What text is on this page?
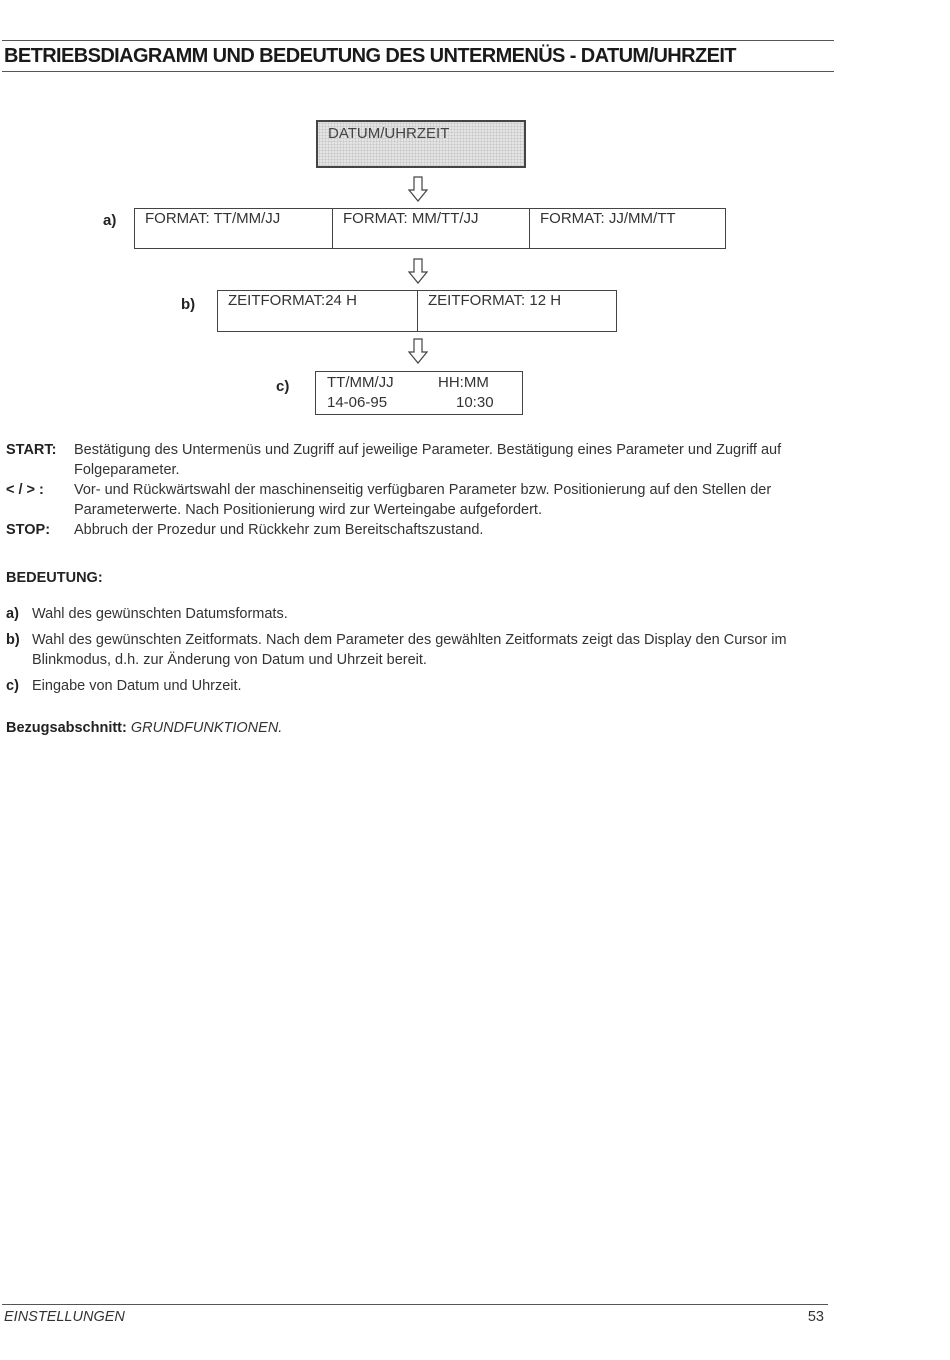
BETRIEBSDIAGRAMM UND BEDEUTUNG DES UNTERMENÜS - DATUM/UHRZEIT
DATUM/UHRZEIT
a)	FORMAT: TT/MM/JJ	FORMAT: MM/TT/JJ	FORMAT: JJ/MM/TT
b)	ZEITFORMAT:24 H	ZEITFORMAT: 12 H
c)	TT/MM/JJ	HH:MM
14-06-95	10:30
START:	Bestätigung des Untermenüs und Zugriff auf jeweilige Parameter. Bestätigung eines Parameter und Zugriff auf Folgeparameter.
< / > :	Vor- und Rückwärtswahl der maschinenseitig verfügbaren Parameter bzw. Positionierung auf den Stellen der Parameterwerte. Nach Positionierung wird zur Werteingabe aufgefordert.
STOP:	Abbruch der Prozedur und Rückkehr zum Bereitschaftszustand.
BEDEUTUNG:
a) Wahl des gewünschten Datumsformats.
b) Wahl des gewünschten Zeitformats. Nach dem Parameter des gewählten Zeitformats zeigt das Display den Cursor im Blinkmodus, d.h. zur Änderung von Datum und Uhrzeit bereit.
c) Eingabe von Datum und Uhrzeit.
Bezugsabschnitt: GRUNDFUNKTIONEN.
EINSTELLUNGEN	53
